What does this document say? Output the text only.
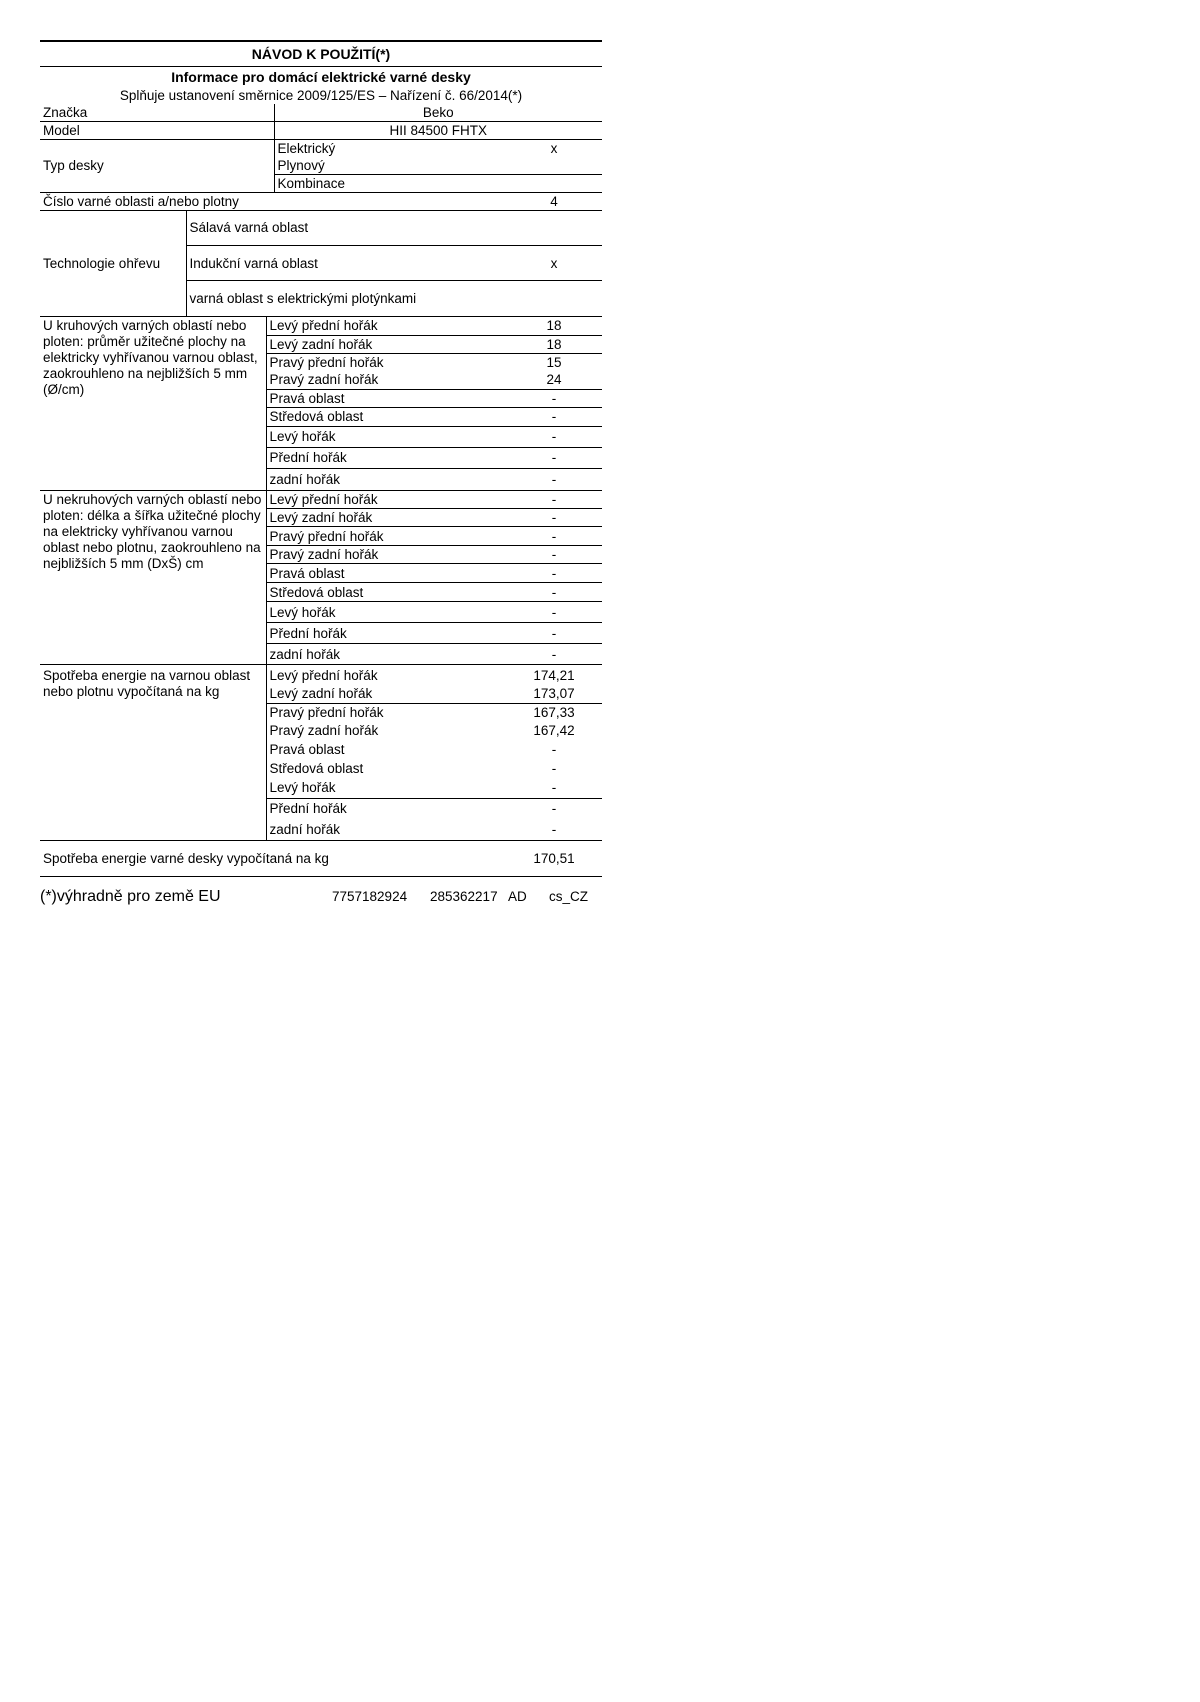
NÁVOD K POUŽITÍ(*)
Informace pro domácí elektrické varné desky
Splňuje ustanovení směrnice 2009/125/ES – Nařízení č. 66/2014(*)
Značka	Beko	
Model	HII 84500 FHTX	
Typ desky	Elektrický	x
	Plynový	
	Kombinace	
Číslo varné oblasti a/nebo plotny		4
Technologie ohřevu	Sálavá varná oblast	
	Indukční varná oblast	x
	varná oblast s elektrickými plotýnkami	
U kruhových varných oblastí nebo ploten: průměr užitečné plochy na elektricky vyhřívanou varnou oblast, zaokrouhleno na nejbližších 5 mm (Ø/cm)	Levý přední hořák	18
	Levý zadní hořák	18
	Pravý přední hořák	15
	Pravý zadní hořák	24
	Pravá oblast	-
	Středová oblast	-
	Levý hořák	-
	Přední hořák	-
	zadní hořák	-
U nekruhových varných oblastí nebo ploten: délka a šířka užitečné plochy na elektricky vyhřívanou varnou oblast nebo plotnu, zaokrouhleno na nejbližších 5 mm (DxŠ) cm	Levý přední hořák	-
	Levý zadní hořák	-
	Pravý přední hořák	-
	Pravý zadní hořák	-
	Pravá oblast	-
	Středová oblast	-
	Levý hořák	-
	Přední hořák	-
	zadní hořák	-
Spotřeba energie na varnou oblast nebo plotnu vypočítaná na kg	Levý přední hořák	174,21
	Levý zadní hořák	173,07
	Pravý přední hořák	167,33
	Pravý zadní hořák	167,42
	Pravá oblast	-
	Středová oblast	-
	Levý hořák	-
	Přední hořák	-
	zadní hořák	-
Spotřeba energie varné desky vypočítaná na kg	170,51
(*)výhradně pro země EU	7757182924 285362217 AD cs_CZ
